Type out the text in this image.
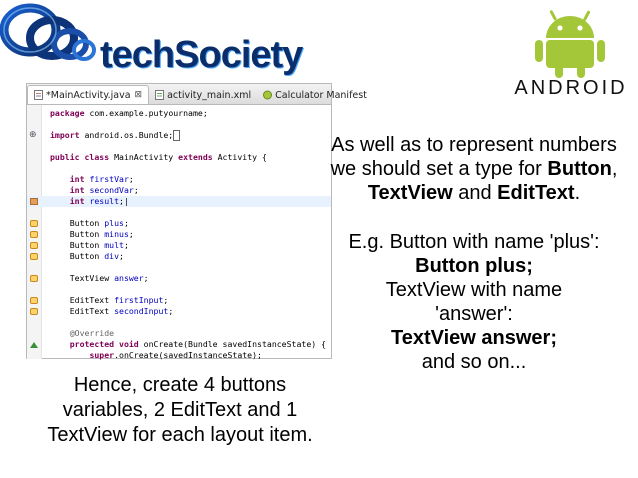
techSociety
ANDROID
*MainActivity.java ⊠	activity_main.xml	Calculator Manifest
package com.example.putyourname;
⊕ import android.os.Bundle;
public class MainActivity extends Activity {
int firstVar;
int secondVar;
int result;|
Button plus;
Button minus;
Button mult;
Button div;
TextView answer;
EditText firstInput;
EditText secondInput;
@Override
protected void onCreate(Bundle savedInstanceState) {
super.onCreate(savedInstanceState);

As well as to represent numbers we should set a type for Button, TextView and EditText.

E.g. Button with name 'plus':

Button plus;

TextView with name

'answer':

TextView answer;

and so on...

Hence, create 4 buttons variables, 2 EditText and 1 TextView for each layout item.
